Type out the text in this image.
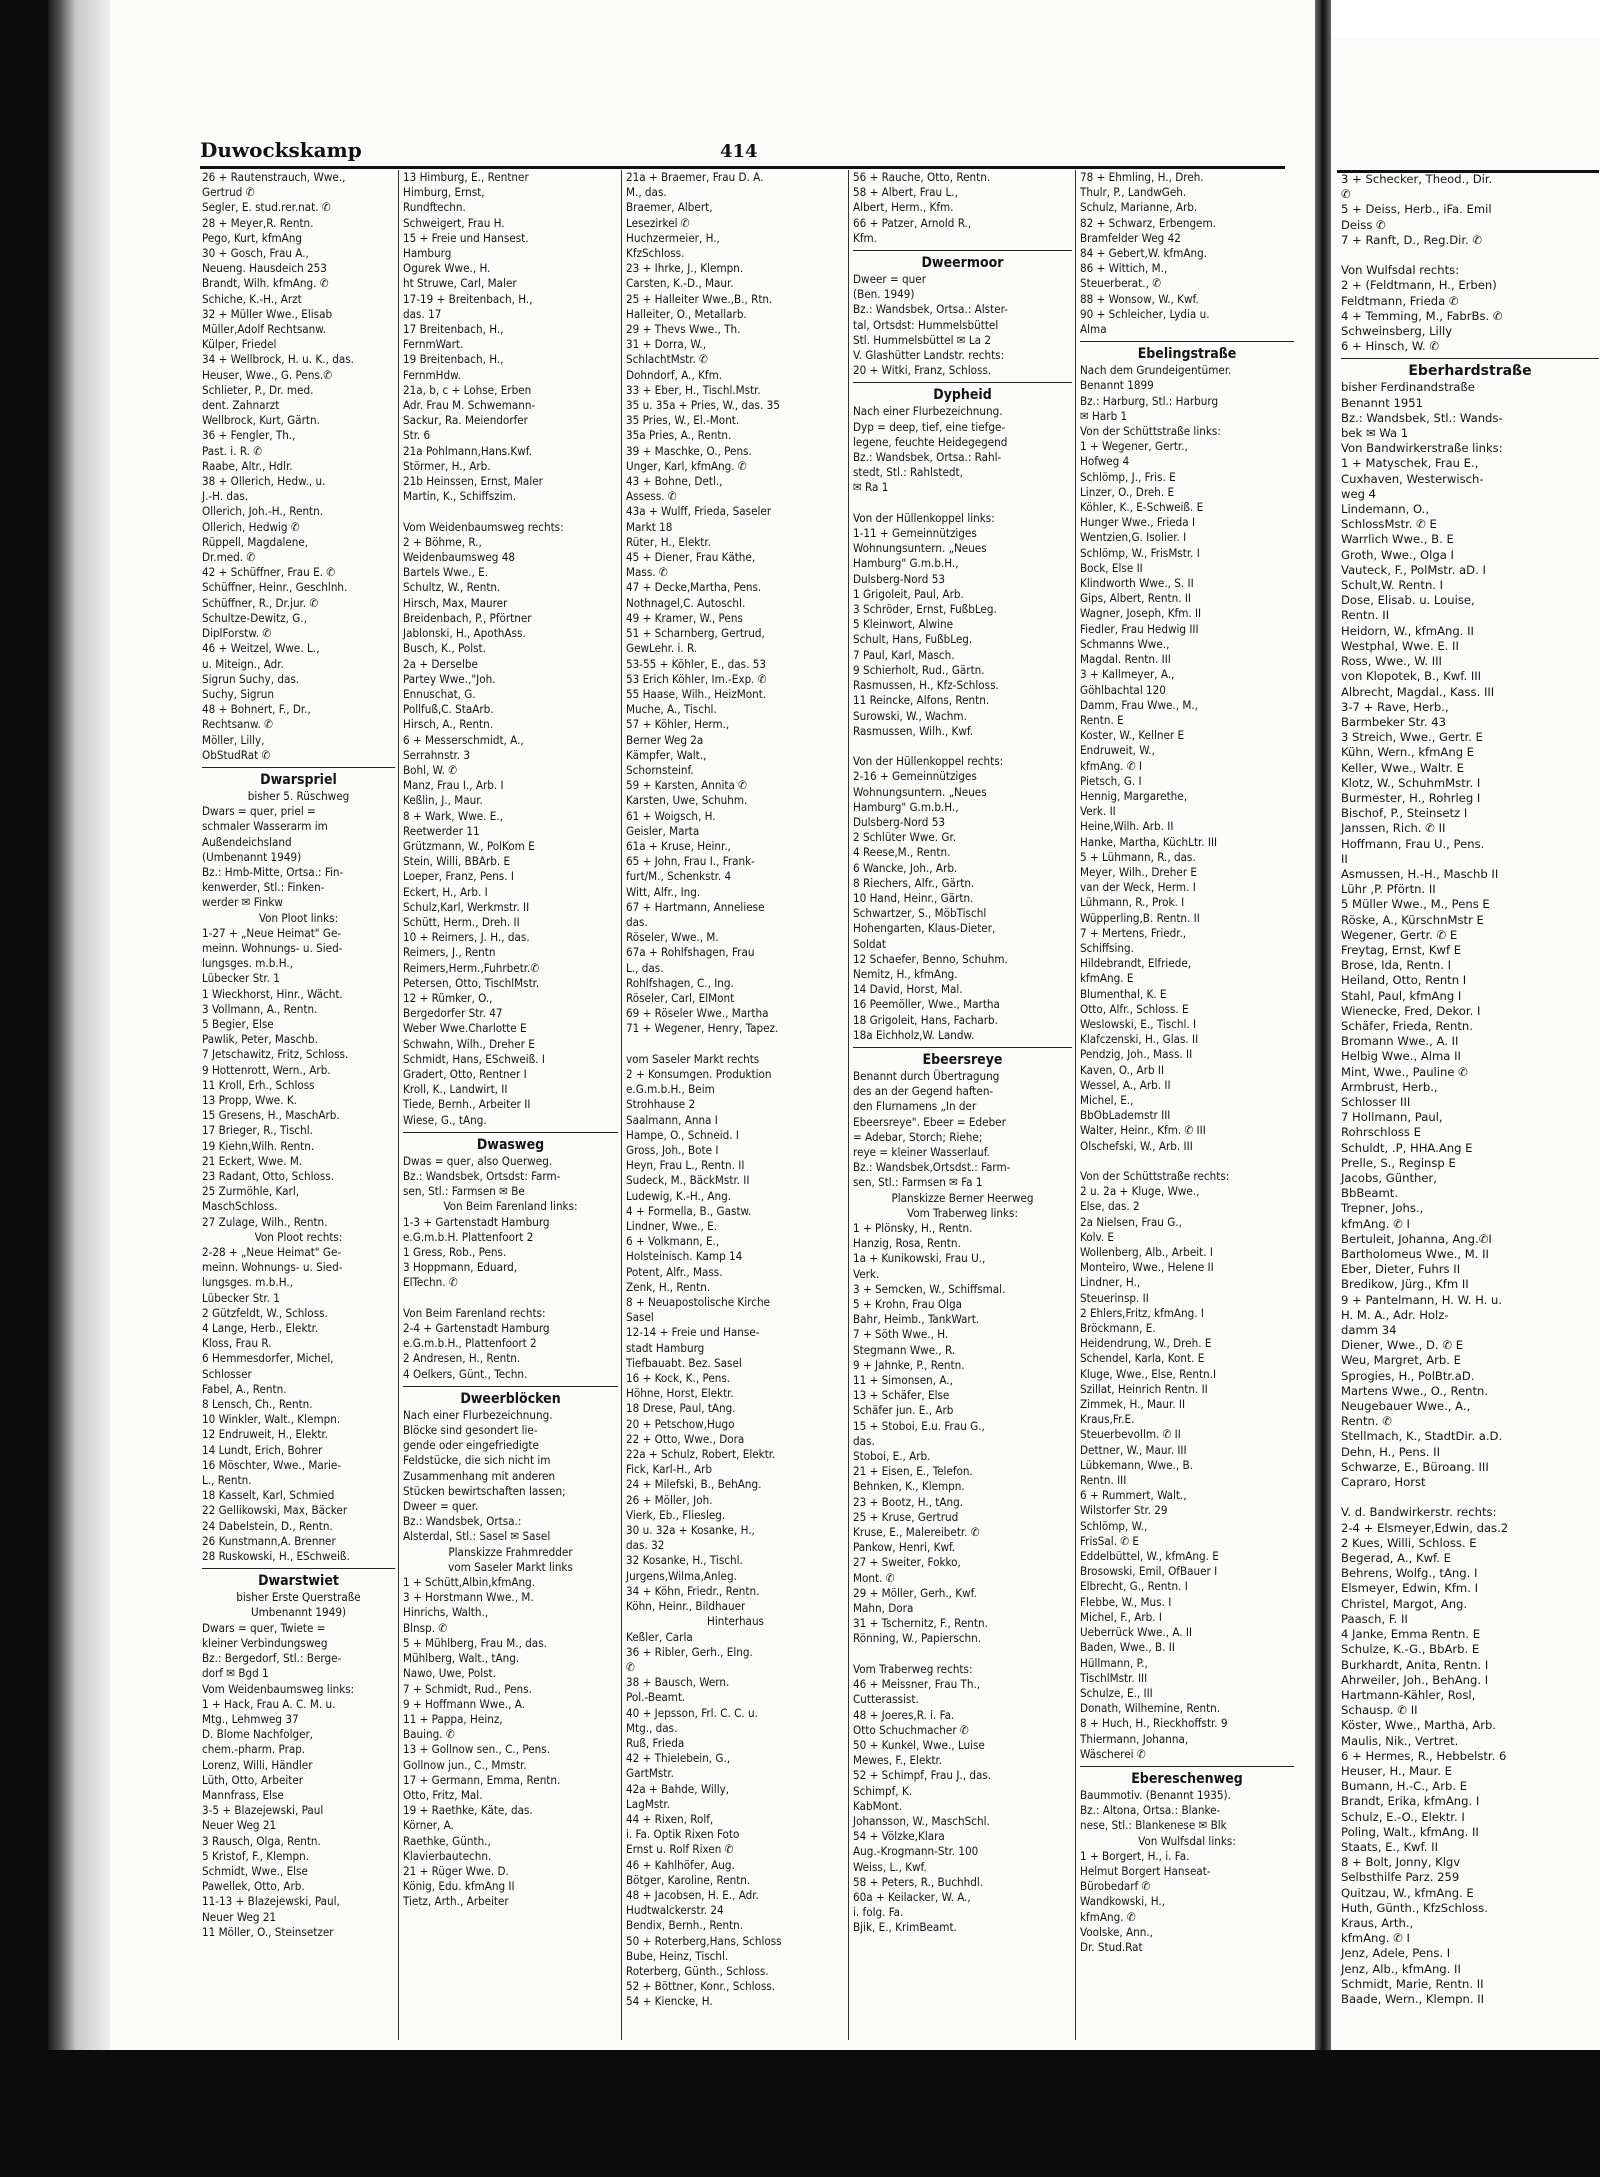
3 + Schecker, Theod., Dir.
✆
5 + Deiss, Herb., iFa. Emil
Deiss ✆
7 + Ranft, D., Reg.Dir. ✆

Von Wulfsdal rechts:
2 + (Feldtmann, H., Erben)
Feldtmann, Frieda ✆
4 + Temming, M., FabrBs. ✆
Schweinsberg, Lilly
6 + Hinsch, W. ✆
Eberhardstraße
bisher Ferdinandstraße
Benannt 1951
Bz.: Wandsbek, Stl.: Wands-
bek ✉ Wa 1
Von Bandwirkerstraße links:
1 + Matyschek, Frau E.,
Cuxhaven, Westerwisch-
weg 4
Lindemann, O.,
SchlossMstr. ✆ E
Warrlich Wwe., B. E
Groth, Wwe., Olga I
Vauteck, F., PolMstr. aD. I
Schult,W. Rentn. I
Dose, Elisab. u. Louise,
Rentn. II
Heidorn, W., kfmAng. II
Westphal, Wwe. E. II
Ross, Wwe., W. III
von Klopotek, B., Kwf. III
Albrecht, Magdal., Kass. III
3-7 + Rave, Herb.,
Barmbeker Str. 43
3 Streich, Wwe., Gertr. E
Kühn, Wern., kfmAng E
Keller, Wwe., Waltr. E
Klotz, W., SchuhmMstr. I
Burmester, H., Rohrleg I
Bischof, P., Steinsetz I
Janssen, Rich. ✆ II
Hoffmann, Frau U., Pens.
II
Asmussen, H.-H., Maschb II
Lühr ,P. Pförtn. II
5 Müller Wwe., M., Pens E
Röske, A., KürschnMstr E
Wegener, Gertr. ✆ E
Freytag, Ernst, Kwf E
Brose, Ida, Rentn. I
Heiland, Otto, Rentn I
Stahl, Paul, kfmAng I
Wienecke, Fred, Dekor. I
Schäfer, Frieda, Rentn.
Bromann Wwe., A. II
Helbig Wwe., Alma II
Mint, Wwe., Pauline ✆
Armbrust, Herb.,
Schlosser III
7 Hollmann, Paul,
Rohrschloss E
Schuldt, .P, HHA.Ang E
Prelle, S., Reginsp E
Jacobs, Günther,
BbBeamt.
Trepner, Johs.,
kfmAng. ✆ I
Bertuleit, Johanna, Ang.✆I
Bartholomeus Wwe., M. II
Eber, Dieter, Fuhrs II
Bredikow, Jürg., Kfm II
9 + Pantelmann, H. W. H. u.
H. M. A., Adr. Holz-
damm 34
Diener, Wwe., D. ✆ E
Weu, Margret, Arb. E
Sprogies, H., PolBtr.aD.
Martens Wwe., O., Rentn.
Neugebauer Wwe., A.,
Rentn. ✆
Stellmach, K., StadtDir. a.D.
Dehn, H., Pens. II
Schwarze, E., Büroang. III
Capraro, Horst

V. d. Bandwirkerstr. rechts:
2-4 + Elsmeyer,Edwin, das.2
2 Kues, Willi, Schloss. E
Begerad, A., Kwf. E
Behrens, Wolfg., tAng. I
Elsmeyer, Edwin, Kfm. I
Christel, Margot, Ang.
Paasch, F. II
4 Janke, Emma Rentn. E
Schulze, K.-G., BbArb. E
Burkhardt, Anita, Rentn. I
Ahrweiler, Joh., BehAng. I
Hartmann-Kähler, Rosl,
Schausp. ✆ II
Köster, Wwe., Martha, Arb.
Maulis, Nik., Vertret.
6 + Hermes, R., Hebbelstr. 6
Heuser, H., Maur. E
Bumann, H.-C., Arb. E
Brandt, Erika, kfmAng. I
Schulz, E.-O., Elektr. I
Poling, Walt., kfmAng. II
Staats, E., Kwf. II
8 + Bolt, Jonny, Klgv
Selbsthilfe Parz. 259
Quitzau, W., kfmAng. E
Huth, Günth., KfzSchloss.
Kraus, Arth.,
kfmAng. ✆ I
Jenz, Adele, Pens. I
Jenz, Alb., kfmAng. II
Schmidt, Marie, Rentn. II
Baade, Wern., Klempn. II
Duwockskamp	414
26 + Rautenstrauch, Wwe.,
Gertrud ✆
Segler, E. stud.rer.nat. ✆
28 + Meyer,R. Rentn.
Pego, Kurt, kfmAng
30 + Gosch, Frau A.,
Neueng. Hausdeich 253
Brandt, Wilh. kfmAng. ✆
Schiche, K.-H., Arzt
32 + Müller Wwe., Elisab
Müller,Adolf Rechtsanw.
Külper, Friedel
34 + Wellbrock, H. u. K., das.
Heuser, Wwe., G. Pens.✆
Schlieter, P., Dr. med.
dent. Zahnarzt
Wellbrock, Kurt, Gärtn.
36 + Fengler, Th.,
Past. i. R. ✆
Raabe, Altr., Hdlr.
38 + Ollerich, Hedw., u.
J.-H. das.
Ollerich, Joh.-H., Rentn.
Ollerich, Hedwig ✆
Rüppell, Magdalene,
Dr.med. ✆
42 + Schüffner, Frau E. ✆
Schüffner, Heinr., Geschlnh.
Schüffner, R., Dr.jur. ✆
Schultze-Dewitz, G.,
DiplForstw. ✆
46 + Weitzel, Wwe. L.,
u. Miteign., Adr.
Sigrun Suchy, das.
Suchy, Sigrun
48 + Bohnert, F., Dr.,
Rechtsanw. ✆
Möller, Lilly,
ObStudRat ✆
Dwarspriel
bisher 5. Rüschweg
Dwars = quer, priel =
schmaler Wasserarm im
Außendeichsland
(Umbenannt 1949)
Bz.: Hmb-Mitte, Ortsa.: Fin-
kenwerder, Stl.: Finken-
werder ✉ Finkw
Von Ploot links:
1-27 + „Neue Heimat" Ge-
meinn. Wohnungs- u. Sied-
lungsges. m.b.H.,
Lübecker Str. 1
1 Wieckhorst, Hinr., Wächt.
3 Vollmann, A., Rentn.
5 Begier, Else
Pawlik, Peter, Maschb.
7 Jetschawitz, Fritz, Schloss.
9 Hottenrott, Wern., Arb.
11 Kroll, Erh., Schloss
13 Propp, Wwe. K.
15 Gresens, H., MaschArb.
17 Brieger, R., Tischl.
19 Kiehn,Wilh. Rentn.
21 Eckert, Wwe. M.
23 Radant, Otto, Schloss.
25 Zurmöhle, Karl,
MaschSchloss.
27 Zulage, Wilh., Rentn.
Von Ploot rechts:
2-28 + „Neue Heimat" Ge-
meinn. Wohnungs- u. Sied-
lungsges. m.b.H.,
Lübecker Str. 1
2 Gützfeldt, W., Schloss.
4 Lange, Herb., Elektr.
Kloss, Frau R.
6 Hemmesdorfer, Michel,
Schlosser
Fabel, A., Rentn.
8 Lensch, Ch., Rentn.
10 Winkler, Walt., Klempn.
12 Endruweit, H., Elektr.
14 Lundt, Erich, Bohrer
16 Möschter, Wwe., Marie-
L., Rentn.
18 Kasselt, Karl, Schmied
22 Gellikowski, Max, Bäcker
24 Dabelstein, D., Rentn.
26 Kunstmann,A. Brenner
28 Ruskowski, H., ESchweiß.
Dwarstwiet
bisher Erste Querstraße
Umbenannt 1949)
Dwars = quer, Twiete =
kleiner Verbindungsweg
Bz.: Bergedorf, Stl.: Berge-
dorf ✉ Bgd 1
Vom Weidenbaumsweg links:
1 + Hack, Frau A. C. M. u.
Mtg., Lehmweg 37
D. Blome Nachfolger,
chem.-pharm. Prap.
Lorenz, Willi, Händler
Lüth, Otto, Arbeiter
Mannfrass, Else
3-5 + Blazejewski, Paul
Neuer Weg 21
3 Rausch, Olga, Rentn.
5 Kristof, F., Klempn.
Schmidt, Wwe., Else
Pawellek, Otto, Arb.
11-13 + Blazejewski, Paul,
Neuer Weg 21
11 Möller, O., Steinsetzer
13 Himburg, E., Rentner
Himburg, Ernst,
Rundftechn.
Schweigert, Frau H.
15 + Freie und Hansest.
Hamburg
Ogurek Wwe., H.
ht Struwe, Carl, Maler
17-19 + Breitenbach, H.,
das. 17
17 Breitenbach, H.,
FernmWart.
19 Breitenbach, H.,
FernmHdw.
21a, b, c + Lohse, Erben
Adr. Frau M. Schwemann-
Sackur, Ra. Meiendorfer
Str. 6
21a Pohlmann,Hans.Kwf.
Störmer, H., Arb.
21b Heinssen, Ernst, Maler
Martin, K., Schiffszim.

Vom Weidenbaumsweg rechts:
2 + Böhme, R.,
Weidenbaumsweg 48
Bartels Wwe., E.
Schultz, W., Rentn.
Hirsch, Max, Maurer
Breidenbach, P., Pförtner
Jablonski, H., ApothAss.
Busch, K., Polst.
2a + Derselbe
Partey Wwe.,"Joh.
Ennuschat, G.
Pollfuß,C. StaArb.
Hirsch, A., Rentn.
6 + Messerschmidt, A.,
Serrahnstr. 3
Bohl, W. ✆
Manz, Frau I., Arb. I
Keßlin, J., Maur.
8 + Wark, Wwe. E.,
Reetwerder 11
Grützmann, W., PolKom E
Stein, Willi, BBArb. E
Loeper, Franz, Pens. I
Eckert, H., Arb. I
Schulz,Karl, Werkmstr. II
Schütt, Herm., Dreh. II
10 + Reimers, J. H., das.
Reimers, J., Rentn
Reimers,Herm.,Fuhrbetr.✆
Petersen, Otto, TischlMstr.
12 + Rümker, O.,
Bergedorfer Str. 47
Weber Wwe.Charlotte E
Schwahn, Wilh., Dreher E
Schmidt, Hans, ESchweiß. I
Gradert, Otto, Rentner I
Kroll, K., Landwirt, II
Tiede, Bernh., Arbeiter II
Wiese, G., tAng.
Dwasweg
Dwas = quer, also Querweg.
Bz.: Wandsbek, Ortsdst: Farm-
sen, Stl.: Farmsen ✉ Be
Von Beim Farenland links:
1-3 + Gartenstadt Hamburg
e.G.m.b.H. Plattenfoort 2
1 Gress, Rob., Pens.
3 Hoppmann, Eduard,
ElTechn. ✆

Von Beim Farenland rechts:
2-4 + Gartenstadt Hamburg
e.G.m.b.H., Plattenfoort 2
2 Andresen, H., Rentn.
4 Oelkers, Günt., Techn.
Dweerblöcken
Nach einer Flurbezeichnung.
Blöcke sind gesondert lie-
gende oder eingefriedigte
Feldstücke, die sich nicht im
Zusammenhang mit anderen
Stücken bewirtschaften lassen;
Dweer = quer.
Bz.: Wandsbek, Ortsa.:
Alsterdal, Stl.: Sasel ✉ Sasel
Planskizze Frahmredder
vom Saseler Markt links
1 + Schütt,Albin,kfmAng.
3 + Horstmann Wwe., M.
Hinrichs, Walth.,
Blnsp. ✆
5 + Mühlberg, Frau M., das.
Mühlberg, Walt., tAng.
Nawo, Uwe, Polst.
7 + Schmidt, Rud., Pens.
9 + Hoffmann Wwe., A.
11 + Pappa, Heinz,
Bauing. ✆
13 + Gollnow sen., C., Pens.
Gollnow jun., C., Mmstr.
17 + Germann, Emma, Rentn.
Otto, Fritz, Mal.
19 + Raethke, Käte, das.
Körner, A.
Raethke, Günth.,
Klavierbautechn.
21 + Rüger Wwe. D.
König, Edu. kfmAng II
Tietz, Arth., Arbeiter
21a + Braemer, Frau D. A.
M., das.
Braemer, Albert,
Lesezirkel ✆
Huchzermeier, H.,
KfzSchloss.
23 + Ihrke, J., Klempn.
Carsten, K.-D., Maur.
25 + Halleiter Wwe.,B., Rtn.
Halleiter, O., Metallarb.
29 + Thevs Wwe., Th.
31 + Dorra, W.,
SchlachtMstr. ✆
Dohndorf, A., Kfm.
33 + Eber, H., Tischl.Mstr.
35 u. 35a + Pries, W., das. 35
35 Pries, W., El.-Mont.
35a Pries, A., Rentn.
39 + Maschke, O., Pens.
Unger, Karl, kfmAng. ✆
43 + Bohne, Detl.,
Assess. ✆
43a + Wulff, Frieda, Saseler
Markt 18
Rüter, H., Elektr.
45 + Diener, Frau Käthe,
Mass. ✆
47 + Decke,Martha, Pens.
Nothnagel,C. Autoschl.
49 + Kramer, W., Pens
51 + Scharnberg, Gertrud,
GewLehr. i. R.
53-55 + Köhler, E., das. 53
53 Erich Köhler, Im.-Exp. ✆
55 Haase, Wilh., HeizMont.
Muche, A., Tischl.
57 + Köhler, Herm.,
Berner Weg 2a
Kämpfer, Walt.,
Schornsteinf.
59 + Karsten, Annita ✆
Karsten, Uwe, Schuhm.
61 + Woigsch, H.
Geisler, Marta
61a + Kruse, Heinr.,
65 + John, Frau I., Frank-
furt/M., Schenkstr. 4
Witt, Alfr., Ing.
67 + Hartmann, Anneliese
das.
Röseler, Wwe., M.
67a + Rohlfshagen, Frau
L., das.
Rohlfshagen, C., Ing.
Röseler, Carl, ElMont
69 + Röseler Wwe., Martha
71 + Wegener, Henry, Tapez.

vom Saseler Markt rechts
2 + Konsumgen. Produktion
e.G.m.b.H., Beim
Strohhause 2
Saalmann, Anna I
Hampe, O., Schneid. I
Gross, Joh., Bote I
Heyn, Frau L., Rentn. II
Sudeck, M., BäckMstr. II
Ludewig, K.-H., Ang.
4 + Formella, B., Gastw.
Lindner, Wwe., E.
6 + Volkmann, E.,
Holsteinisch. Kamp 14
Potent, Alfr., Mass.
Zenk, H., Rentn.
8 + Neuapostolische Kirche
Sasel
12-14 + Freie und Hanse-
stadt Hamburg
Tiefbauabt. Bez. Sasel
16 + Kock, K., Pens.
Höhne, Horst, Elektr.
18 Drese, Paul, tAng.
20 + Petschow,Hugo
22 + Otto, Wwe., Dora
22a + Schulz, Robert, Elektr.
Fick, Karl-H., Arb
24 + Milefski, B., BehAng.
26 + Möller, Joh.
Vierk, Eb., Fliesleg.
30 u. 32a + Kosanke, H.,
das. 32
32 Kosanke, H., Tischl.
Jurgens,Wilma,Anleg.
34 + Köhn, Friedr., Rentn.
Köhn, Heinr., Bildhauer
Hinterhaus
Keßler, Carla
36 + Ribler, Gerh., Elng.
✆
38 + Bausch, Wern.
Pol.-Beamt.
40 + Jepsson, Frl. C. C. u.
Mtg., das.
Ruß, Frieda
42 + Thielebein, G.,
GartMstr.
42a + Bahde, Willy,
LagMstr.
44 + Rixen, Rolf,
i. Fa. Optik Rixen Foto
Ernst u. Rolf Rixen ✆
46 + Kahlhöfer, Aug.
Bötger, Karoline, Rentn.
48 + Jacobsen, H. E., Adr.
Hudtwalckerstr. 24
Bendix, Bernh., Rentn.
50 + Roterberg,Hans, Schloss
Bube, Heinz, Tischl.
Roterberg, Günth., Schloss.
52 + Böttner, Konr., Schloss.
54 + Kiencke, H.
56 + Rauche, Otto, Rentn.
58 + Albert, Frau L.,
Albert, Herm., Kfm.
66 + Patzer, Arnold R.,
Kfm.
Dweermoor
Dweer = quer
(Ben. 1949)
Bz.: Wandsbek, Ortsa.: Alster-
tal, Ortsdst: Hummelsbüttel
Stl. Hummelsbüttel ✉ La 2
V. Glashütter Landstr. rechts:
20 + Witki, Franz, Schloss.
Dypheid
Nach einer Flurbezeichnung.
Dyp = deep, tief, eine tiefge-
legene, feuchte Heidegegend
Bz.: Wandsbek, Ortsa.: Rahl-
stedt, Stl.: Rahlstedt,
✉ Ra 1

Von der Hüllenkoppel links:
1-11 + Gemeinnütziges
Wohnungsuntern. „Neues
Hamburg" G.m.b.H.,
Dulsberg-Nord 53
1 Grigoleit, Paul, Arb.
3 Schröder, Ernst, FußbLeg.
5 Kleinwort, Alwine
Schult, Hans, FußbLeg.
7 Paul, Karl, Masch.
9 Schierholt, Rud., Gärtn.
Rasmussen, H., Kfz-Schloss.
11 Reincke, Alfons, Rentn.
Surowski, W., Wachm.
Rasmussen, Wilh., Kwf.

Von der Hüllenkoppel rechts:
2-16 + Gemeinnütziges
Wohnungsuntern. „Neues
Hamburg" G.m.b.H.,
Dulsberg-Nord 53
2 Schlüter Wwe. Gr.
4 Reese,M., Rentn.
6 Wancke, Joh., Arb.
8 Riechers, Alfr., Gärtn.
10 Hand, Heinr., Gärtn.
Schwartzer, S., MöbTischl
Hohengarten, Klaus-Dieter,
Soldat
12 Schaefer, Benno, Schuhm.
Nemitz, H., kfmAng.
14 David, Horst, Mal.
16 Peemöller, Wwe., Martha
18 Grigoleit, Hans, Facharb.
18a Eichholz,W. Landw.
Ebeersreye
Benannt durch Übertragung
des an der Gegend haften-
den Flurnamens „In der
Ebeersreye". Ebeer = Edeber
= Adebar, Storch; Riehe;
reye = kleiner Wasserlauf.
Bz.: Wandsbek,Ortsdst.: Farm-
sen, Stl.: Farmsen ✉ Fa 1
Planskizze Berner Heerweg
Vom Traberweg links:
1 + Plönsky, H., Rentn.
Hanzig, Rosa, Rentn.
1a + Kunikowski, Frau U.,
Verk.
3 + Semcken, W., Schiffsmal.
5 + Krohn, Frau Olga
Bahr, Heimb., TankWart.
7 + Söth Wwe., H.
Stegmann Wwe., R.
9 + Jahnke, P., Rentn.
11 + Simonsen, A.,
13 + Schäfer, Else
Schäfer jun. E., Arb
15 + Stoboi, E.u. Frau G.,
das.
Stoboi, E., Arb.
21 + Eisen, E., Telefon.
Behnken, K., Klempn.
23 + Bootz, H., tAng.
25 + Kruse, Gertrud
Kruse, E., Malereibetr. ✆
Pankow, Henri, Kwf.
27 + Sweiter, Fokko,
Mont. ✆
29 + Möller, Gerh., Kwf.
Mahn, Dora
31 + Tschernitz, F., Rentn.
Rönning, W., Papierschn.

Vom Traberweg rechts:
46 + Meissner, Frau Th.,
Cutterassist.
48 + Joeres,R. i. Fa.
Otto Schuchmacher ✆
50 + Kunkel, Wwe., Luise
Mewes, F., Elektr.
52 + Schimpf, Frau J., das.
Schimpf, K.
KabMont.
Johansson, W., MaschSchl.
54 + Völzke,Klara
Aug.-Krogmann-Str. 100
Weiss, L., Kwf.
58 + Peters, R., Buchhdl.
60a + Keilacker, W. A.,
i. folg. Fa.
Bjik, E., KrimBeamt.
78 + Ehmling, H., Dreh.
Thulr, P., LandwGeh.
Schulz, Marianne, Arb.
82 + Schwarz, Erbengem.
Bramfelder Weg 42
84 + Gebert,W. kfmAng.
86 + Wittich, M.,
Steuerberat., ✆
88 + Wonsow, W., Kwf.
90 + Schleicher, Lydia u.
Alma
Ebelingstraße
Nach dem Grundeigentümer.
Benannt 1899
Bz.: Harburg, Stl.: Harburg
✉ Harb 1
Von der Schüttstraße links:
1 + Wegener, Gertr.,
Hofweg 4
Schlömp, J., Fris. E
Linzer, O., Dreh. E
Köhler, K., E-Schweiß. E
Hunger Wwe., Frieda I
Wentzien,G. Isolier. I
Schlömp, W., FrisMstr. I
Bock, Else II
Klindworth Wwe., S. II
Gips, Albert, Rentn. II
Wagner, Joseph, Kfm. II
Fiedler, Frau Hedwig III
Schmanns Wwe.,
Magdal. Rentn. III
3 + Kallmeyer, A.,
Göhlbachtal 120
Damm, Frau Wwe., M.,
Rentn. E
Koster, W., Kellner E
Endruweit, W.,
kfmAng. ✆ I
Pietsch, G. I
Hennig, Margarethe,
Verk. II
Heine,Wilh. Arb. II
Hanke, Martha, KüchLtr. III
5 + Lühmann, R., das.
Meyer, Wilh., Dreher E
van der Weck, Herm. I
Lühmann, R., Prok. I
Wüpperling,B. Rentn. II
7 + Mertens, Friedr.,
Schiffsing.
Hildebrandt, Elfriede,
kfmAng. E
Blumenthal, K. E
Otto, Alfr., Schloss. E
Weslowski, E., Tischl. I
Klafczenski, H., Glas. II
Pendzig, Joh., Mass. II
Kaven, O., Arb II
Wessel, A., Arb. II
Michel, E.,
BbObLademstr III
Walter, Heinr., Kfm. ✆ III
Olschefski, W., Arb. III

Von der Schüttstraße rechts:
2 u. 2a + Kluge, Wwe.,
Else, das. 2
2a Nielsen, Frau G.,
Kolv. E
Wollenberg, Alb., Arbeit. I
Monteiro, Wwe., Helene II
Lindner, H.,
Steuerinsp. II
2 Ehlers,Fritz, kfmAng. I
Bröckmann, E.
Heidendrung, W., Dreh. E
Schendel, Karla, Kont. E
Kluge, Wwe., Else, Rentn.I
Szillat, Heinrich Rentn. II
Zimmek, H., Maur. II
Kraus,Fr.E.
Steuerbevollm. ✆ II
Dettner, W., Maur. III
Lübkemann, Wwe., B.
Rentn. III
6 + Rummert, Walt.,
Wilstorfer Str. 29
Schlömp, W.,
FrisSal. ✆ E
Eddelbüttel, W., kfmAng. E
Brosowski, Emil, OfBauer I
Elbrecht, G., Rentn. I
Flebbe, W., Mus. I
Michel, F., Arb. I
Ueberrück Wwe., A. II
Baden, Wwe., B. II
Hüllmann, P.,
TischlMstr. III
Schulze, E., III
Donath, Wilhemine, Rentn.
8 + Huch, H., Rieckhoffstr. 9
Thiermann, Johanna,
Wäscherei ✆
Ebereschenweg
Baummotiv. (Benannt 1935).
Bz.: Altona, Ortsa.: Blanke-
nese, Stl.: Blankenese ✉ Blk
Von Wulfsdal links:
1 + Borgert, H., i. Fa.
Helmut Borgert Hanseat-
Bürobedarf ✆
Wandkowski, H.,
kfmAng. ✆
Voolske, Ann.,
Dr. Stud.Rat
